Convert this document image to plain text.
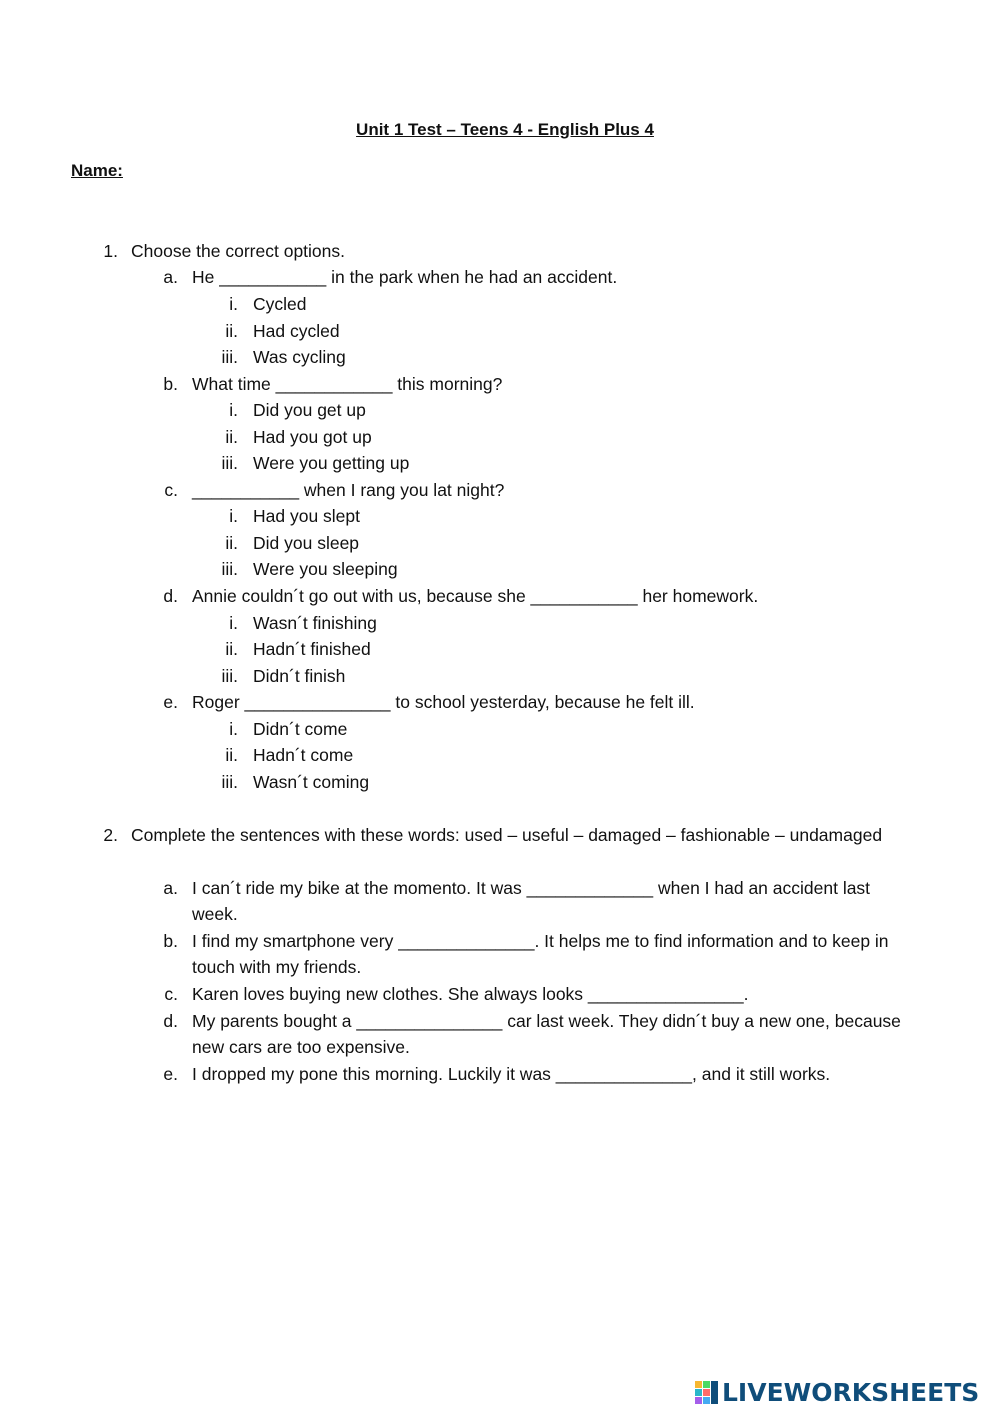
Unit 1 Test – Teens 4 - English Plus 4
Name:
1. Choose the correct options.
a. He ___________ in the park when he had an accident.
i. Cycled
ii. Had cycled
iii. Was cycling
b. What time ____________ this morning?
i. Did you get up
ii. Had you got up
iii. Were you getting up
c. ___________ when I rang you lat night?
i. Had you slept
ii. Did you sleep
iii. Were you sleeping
d. Annie couldn´t go out with us, because she ___________ her homework.
i. Wasn´t finishing
ii. Hadn´t finished
iii. Didn´t finish
e. Roger _______________ to school yesterday, because he felt ill.
i. Didn´t come
ii. Hadn´t come
iii. Wasn´t coming
2. Complete the sentences with these words: used – useful – damaged – fashionable – undamaged
a. I can´t ride my bike at the momento. It was _____________ when I had an accident last
week.
b. I find my smartphone very ______________. It helps me to find information and to keep in
touch with my friends.
c. Karen loves buying new clothes. She always looks ________________.
d. My parents bought a _______________ car last week. They didn´t buy a new one, because
new cars are too expensive.
e. I dropped my pone this morning. Luckily it was ______________, and it still works.
LIVEWORKSHEETS
